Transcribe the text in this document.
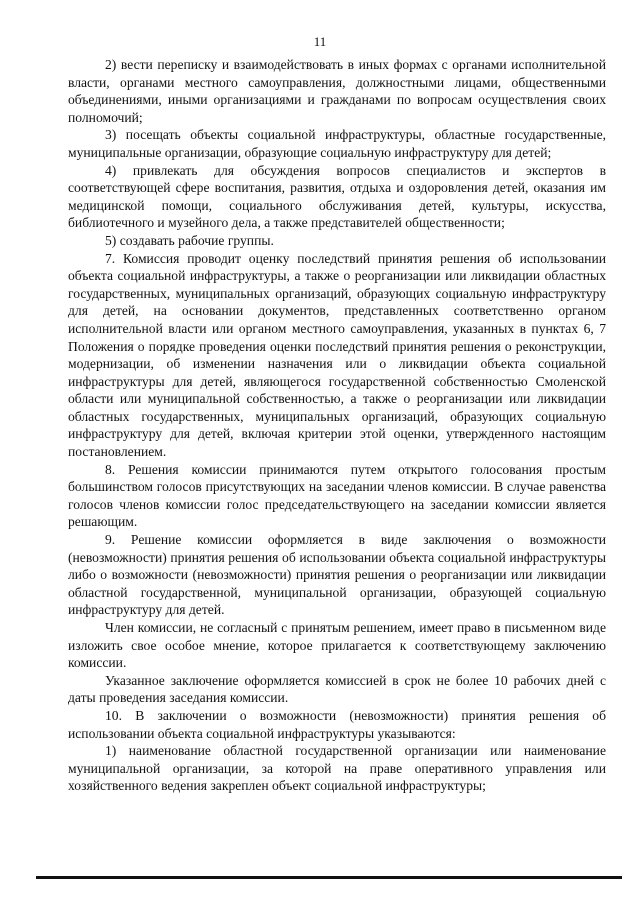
11

2) вести переписку и взаимодействовать в иных формах с органами исполнительной власти, органами местного самоуправления, должностными лицами, общественными объединениями, иными организациями и гражданами по вопросам осуществления своих полномочий;

3) посещать объекты социальной инфраструктуры, областные государственные, муниципальные организации, образующие социальную инфраструктуру для детей;

4) привлекать для обсуждения вопросов специалистов и экспертов в соответствующей сфере воспитания, развития, отдыха и оздоровления детей, оказания им медицинской помощи, социального обслуживания детей, культуры, искусства, библиотечного и музейного дела, а также представителей общественности;

5) создавать рабочие группы.

7. Комиссия проводит оценку последствий принятия решения об использовании объекта социальной инфраструктуры, а также о реорганизации или ликвидации областных государственных, муниципальных организаций, образующих социальную инфраструктуру для детей, на основании документов, представленных соответственно органом исполнительной власти или органом местного самоуправления, указанных в пунктах 6, 7 Положения о порядке проведения оценки последствий принятия решения о реконструкции, модернизации, об изменении назначения или о ликвидации объекта социальной инфраструктуры для детей, являющегося государственной собственностью Смоленской области или муниципальной собственностью, а также о реорганизации или ликвидации областных государственных, муниципальных организаций, образующих социальную инфраструктуру для детей, включая критерии этой оценки, утвержденного настоящим постановлением.

8. Решения комиссии принимаются путем открытого голосования простым большинством голосов присутствующих на заседании членов комиссии. В случае равенства голосов членов комиссии голос председательствующего на заседании комиссии является решающим.

9. Решение комиссии оформляется в виде заключения о возможности (невозможности) принятия решения об использовании объекта социальной инфраструктуры либо о возможности (невозможности) принятия решения о реорганизации или ликвидации областной государственной, муниципальной организации, образующей социальную инфраструктуру для детей.

Член комиссии, не согласный с принятым решением, имеет право в письменном виде изложить свое особое мнение, которое прилагается к соответствующему заключению комиссии.

Указанное заключение оформляется комиссией в срок не более 10 рабочих дней с даты проведения заседания комиссии.

10. В заключении о возможности (невозможности) принятия решения об использовании объекта социальной инфраструктуры указываются:

1) наименование областной государственной организации или наименование муниципальной организации, за которой на праве оперативного управления или хозяйственного ведения закреплен объект социальной инфраструктуры;
